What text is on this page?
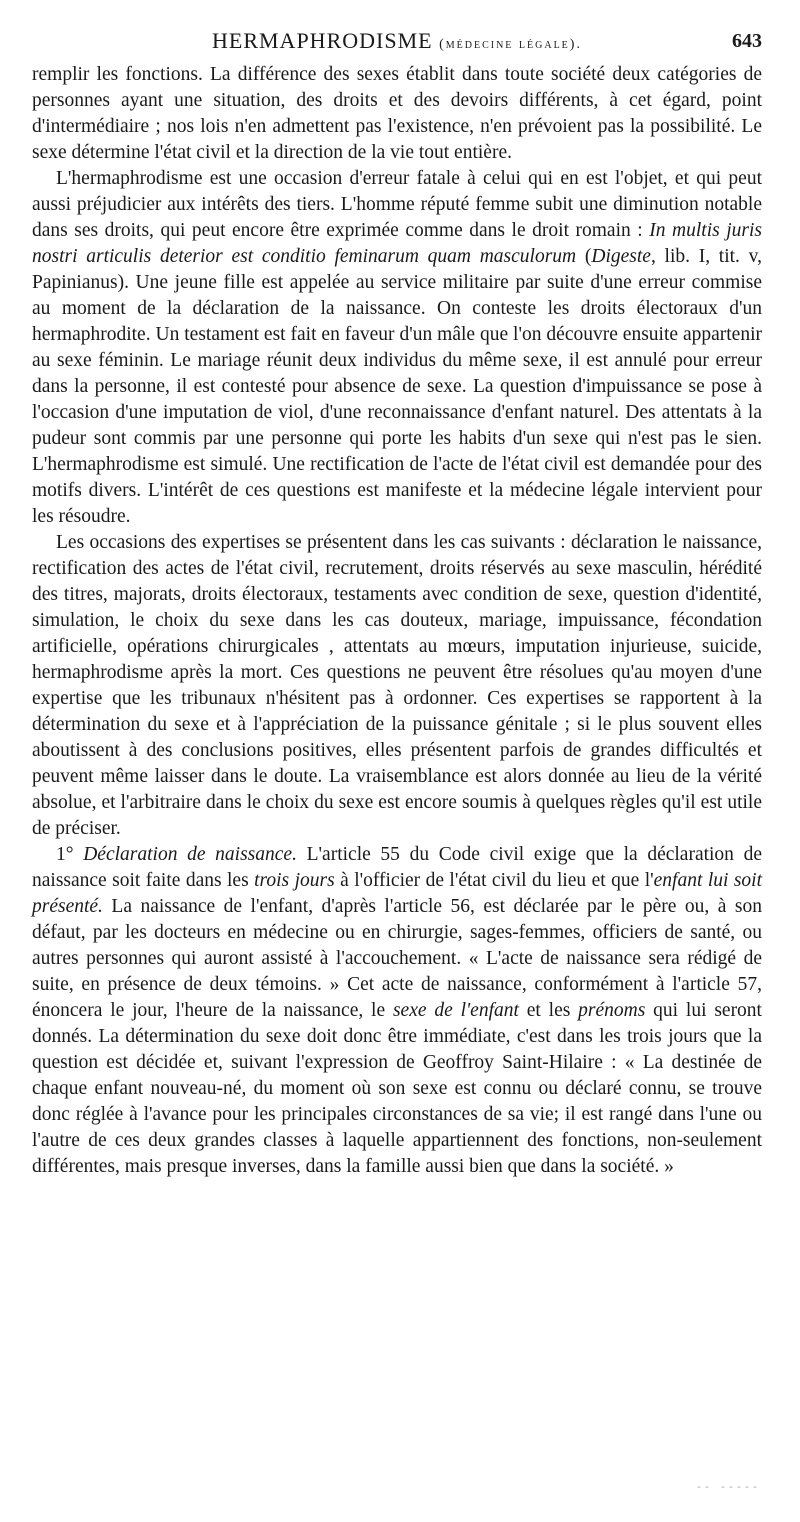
HERMAPHRODISME (médecine légale).	643

remplir les fonctions. La différence des sexes établit dans toute société deux catégories de personnes ayant une situation, des droits et des devoirs différents, à cet égard, point d'intermédiaire ; nos lois n'en admettent pas l'existence, n'en prévoient pas la possibilité. Le sexe détermine l'état civil et la direction de la vie tout entière.

L'hermaphrodisme est une occasion d'erreur fatale à celui qui en est l'objet, et qui peut aussi préjudicier aux intérêts des tiers. L'homme réputé femme subit une diminution notable dans ses droits, qui peut encore être exprimée comme dans le droit romain : In multis juris nostri articulis deterior est conditio feminarum quam masculorum (Digeste, lib. I, tit. v, Papinianus). Une jeune fille est appelée au service militaire par suite d'une erreur commise au moment de la déclaration de la naissance. On conteste les droits électoraux d'un hermaphrodite. Un testament est fait en faveur d'un mâle que l'on découvre ensuite appartenir au sexe féminin. Le mariage réunit deux individus du même sexe, il est annulé pour erreur dans la personne, il est contesté pour absence de sexe. La question d'impuissance se pose à l'occasion d'une imputation de viol, d'une reconnaissance d'enfant naturel. Des attentats à la pudeur sont commis par une personne qui porte les habits d'un sexe qui n'est pas le sien. L'hermaphrodisme est simulé. Une rectification de l'acte de l'état civil est demandée pour des motifs divers. L'intérêt de ces questions est manifeste et la médecine légale intervient pour les résoudre.

Les occasions des expertises se présentent dans les cas suivants : déclaration le naissance, rectification des actes de l'état civil, recrutement, droits réservés au sexe masculin, hérédité des titres, majorats, droits électoraux, testaments avec condition de sexe, question d'identité, simulation, le choix du sexe dans les cas douteux, mariage, impuissance, fécondation artificielle, opérations chirurgicales , attentats au mœurs, imputation injurieuse, suicide, hermaphrodisme après la mort. Ces questions ne peuvent être résolues qu'au moyen d'une expertise que les tribunaux n'hésitent pas à ordonner. Ces expertises se rapportent à la détermination du sexe et à l'appréciation de la puissance génitale ; si le plus souvent elles aboutissent à des conclusions positives, elles présentent parfois de grandes difficultés et peuvent même laisser dans le doute. La vraisemblance est alors donnée au lieu de la vérité absolue, et l'arbitraire dans le choix du sexe est encore soumis à quelques règles qu'il est utile de préciser.

1° Déclaration de naissance. L'article 55 du Code civil exige que la déclaration de naissance soit faite dans les trois jours à l'officier de l'état civil du lieu et que l'enfant lui soit présenté. La naissance de l'enfant, d'après l'article 56, est déclarée par le père ou, à son défaut, par les docteurs en médecine ou en chirurgie, sages-femmes, officiers de santé, ou autres personnes qui auront assisté à l'accouchement. « L'acte de naissance sera rédigé de suite, en présence de deux témoins. » Cet acte de naissance, conformément à l'article 57, énoncera le jour, l'heure de la naissance, le sexe de l'enfant et les prénoms qui lui seront donnés. La détermination du sexe doit donc être immédiate, c'est dans les trois jours que la question est décidée et, suivant l'expression de Geoffroy Saint-Hilaire : « La destinée de chaque enfant nouveau-né, du moment où son sexe est connu ou déclaré connu, se trouve donc réglée à l'avance pour les principales circonstances de sa vie; il est rangé dans l'une ou l'autre de ces deux grandes classes à laquelle appartiennent des fonctions, non-seulement différentes, mais presque inverses, dans la famille aussi bien que dans la société. »

-- -----
